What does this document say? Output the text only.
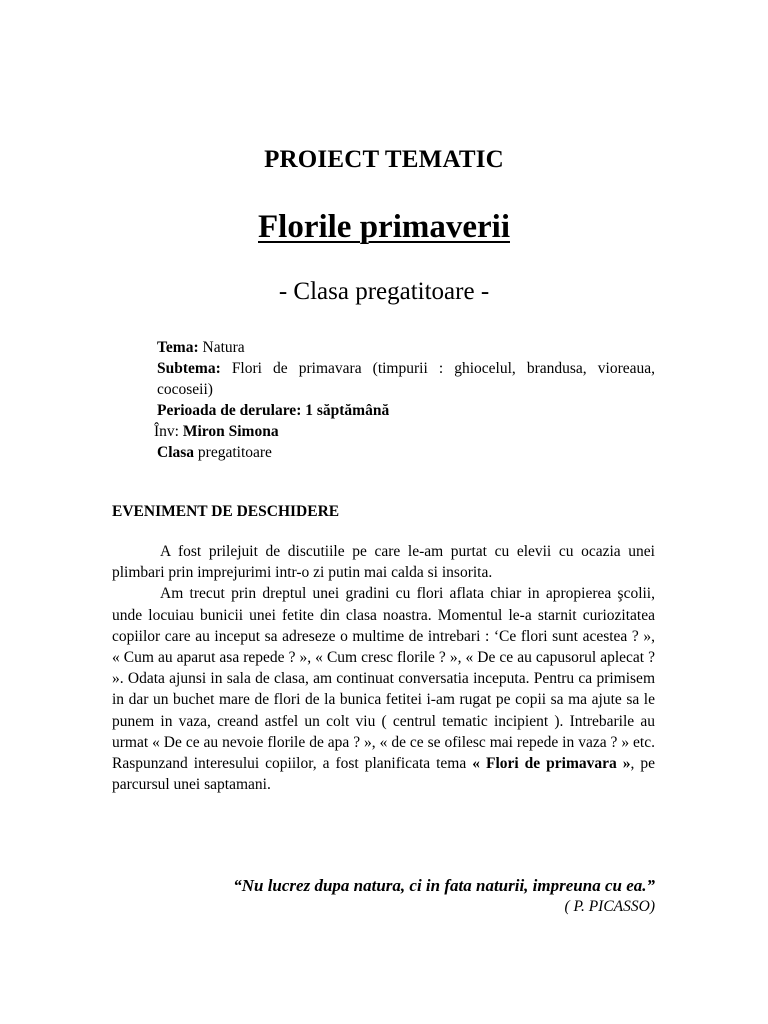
PROIECT TEMATIC
Florile primaverii
- Clasa pregatitoare -
Tema: Natura
Subtema: Flori de primavara (timpurii : ghiocelul, brandusa, vioreaua, cocoseii)
Perioada de derulare: 1 săptămână
Înv: Miron Simona
Clasa pregatitoare
EVENIMENT DE DESCHIDERE

A fost prilejuit de discutiile pe care le-am purtat cu elevii cu ocazia unei plimbari prin imprejurimi intr-o zi putin mai calda si insorita.

Am trecut prin dreptul unei gradini cu flori aflata chiar in apropierea şcolii, unde locuiau bunicii unei fetite din clasa noastra. Momentul le-a starnit curiozitatea copiilor care au inceput sa adreseze o multime de intrebari : ‘Ce flori sunt acestea ? », « Cum au aparut asa repede ? », « Cum cresc florile ? », « De ce au capusorul aplecat ? ». Odata ajunsi in sala de clasa, am continuat conversatia inceputa. Pentru ca primisem in dar un buchet mare de flori de la bunica fetitei i-am rugat pe copii sa ma ajute sa le punem in vaza, creand astfel un colt viu ( centrul tematic incipient ). Intrebarile au urmat « De ce au nevoie florile de apa ? », « de ce se ofilesc mai repede in vaza ? » etc. Raspunzand interesului copiilor, a fost planificata tema « Flori de primavara », pe parcursul unei saptamani.

“Nu lucrez dupa natura, ci in fata naturii, impreuna cu ea.”
( P. PICASSO)
